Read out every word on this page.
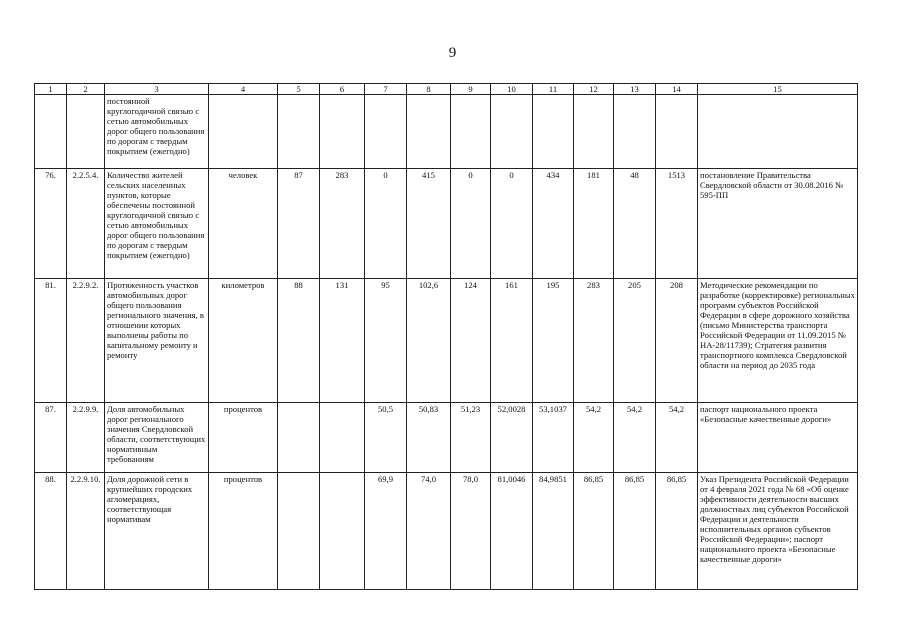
9
1	2	3	4	5	6	7	8	9	10	11	12	13	14	15
		постоянной круглогодичной связью с сетью автомобильных дорог общего пользования по дорогам с твердым покрытием (ежегодно)												
76.	2.2.5.4.	Количество жителей сельских населенных пунктов, которые обеспечены постоянной круглогодичной связью с сетью автомобильных дорог общего пользования по дорогам с твердым покрытием (ежегодно)	человек	87	283	0	415	0	0	434	181	48	1513	постановление Правительства Свердловской области от 30.08.2016 № 595-ПП
81.	2.2.9.2.	Протяженность участков автомобильных дорог общего пользования регионального значения, в отношении которых выполнены работы по капитальному ремонту и ремонту	километров	88	131	95	102,6	124	161	195	283	205	208	Методические рекомендации по разработке (корректировке) региональных программ субъектов Российской Федерации в сфере дорожного хозяйства (письмо Министерства транспорта Российской Федерации от 11.09.2015 № НА-28/11739); Стратегия развития транспортного комплекса Свердловской области на период до 2035 года
87.	2.2.9.9.	Доля автомобильных дорог регионального значения Свердловской области, соответствующих нормативным требованиям	процентов			50,5	50,83	51,23	52,0028	53,1037	54,2	54,2	54,2	паспорт национального проекта «Безопасные качественные дороги»
88.	2.2.9.10.	Доля дорожной сети в крупнейших городских агломерациях, соответствующая нормативам	процентов			69,9	74,0	78,0	81,0046	84,9851	86,85	86,85	86,85	Указ Президента Российской Федерации от 4 февраля 2021 года № 68 «Об оценке эффективности деятельности высших должностных лиц субъектов Российской Федерации и деятельности исполнительных органов субъектов Российской Федерации»; паспорт национального проекта «Безопасные качественные дороги»
